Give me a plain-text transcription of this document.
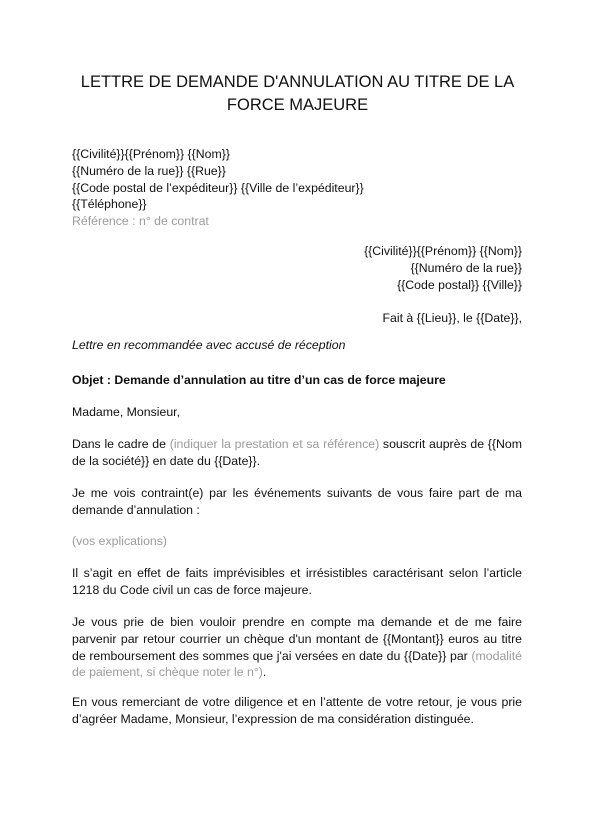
LETTRE DE DEMANDE D'ANNULATION AU TITRE DE LA FORCE MAJEURE
{{Civilité}}{{Prénom}} {{Nom}}
{{Numéro de la rue}} {{Rue}}
{{Code postal de l’expéditeur}} {{Ville de l’expéditeur}}
{{Téléphone}}
Référence : n° de contrat
{{Civilité}}{{Prénom}} {{Nom}}
{{Numéro de la rue}}
{{Code postal}} {{Ville}}
Fait à {{Lieu}}, le {{Date}},
Lettre en recommandée avec accusé de réception
Objet : Demande d’annulation au titre d’un cas de force majeure
Madame, Monsieur,
Dans le cadre de (indiquer la prestation et sa référence) souscrit auprès de {{Nom de la société}} en date du {{Date}}.
Je me vois contraint(e) par les événements suivants de vous faire part de ma demande d’annulation :
(vos explications)
Il s’agit en effet de faits imprévisibles et irrésistibles caractérisant selon l’article 1218 du Code civil un cas de force majeure.
Je vous prie de bien vouloir prendre en compte ma demande et de me faire parvenir par retour courrier un chèque d'un montant de {{Montant}} euros au titre de remboursement des sommes que j'ai versées en date du {{Date}} par (modalité de paiement, si chèque noter le n°).
En vous remerciant de votre diligence et en l’attente de votre retour, je vous prie d’agréer Madame, Monsieur, l’expression de ma considération distinguée.
